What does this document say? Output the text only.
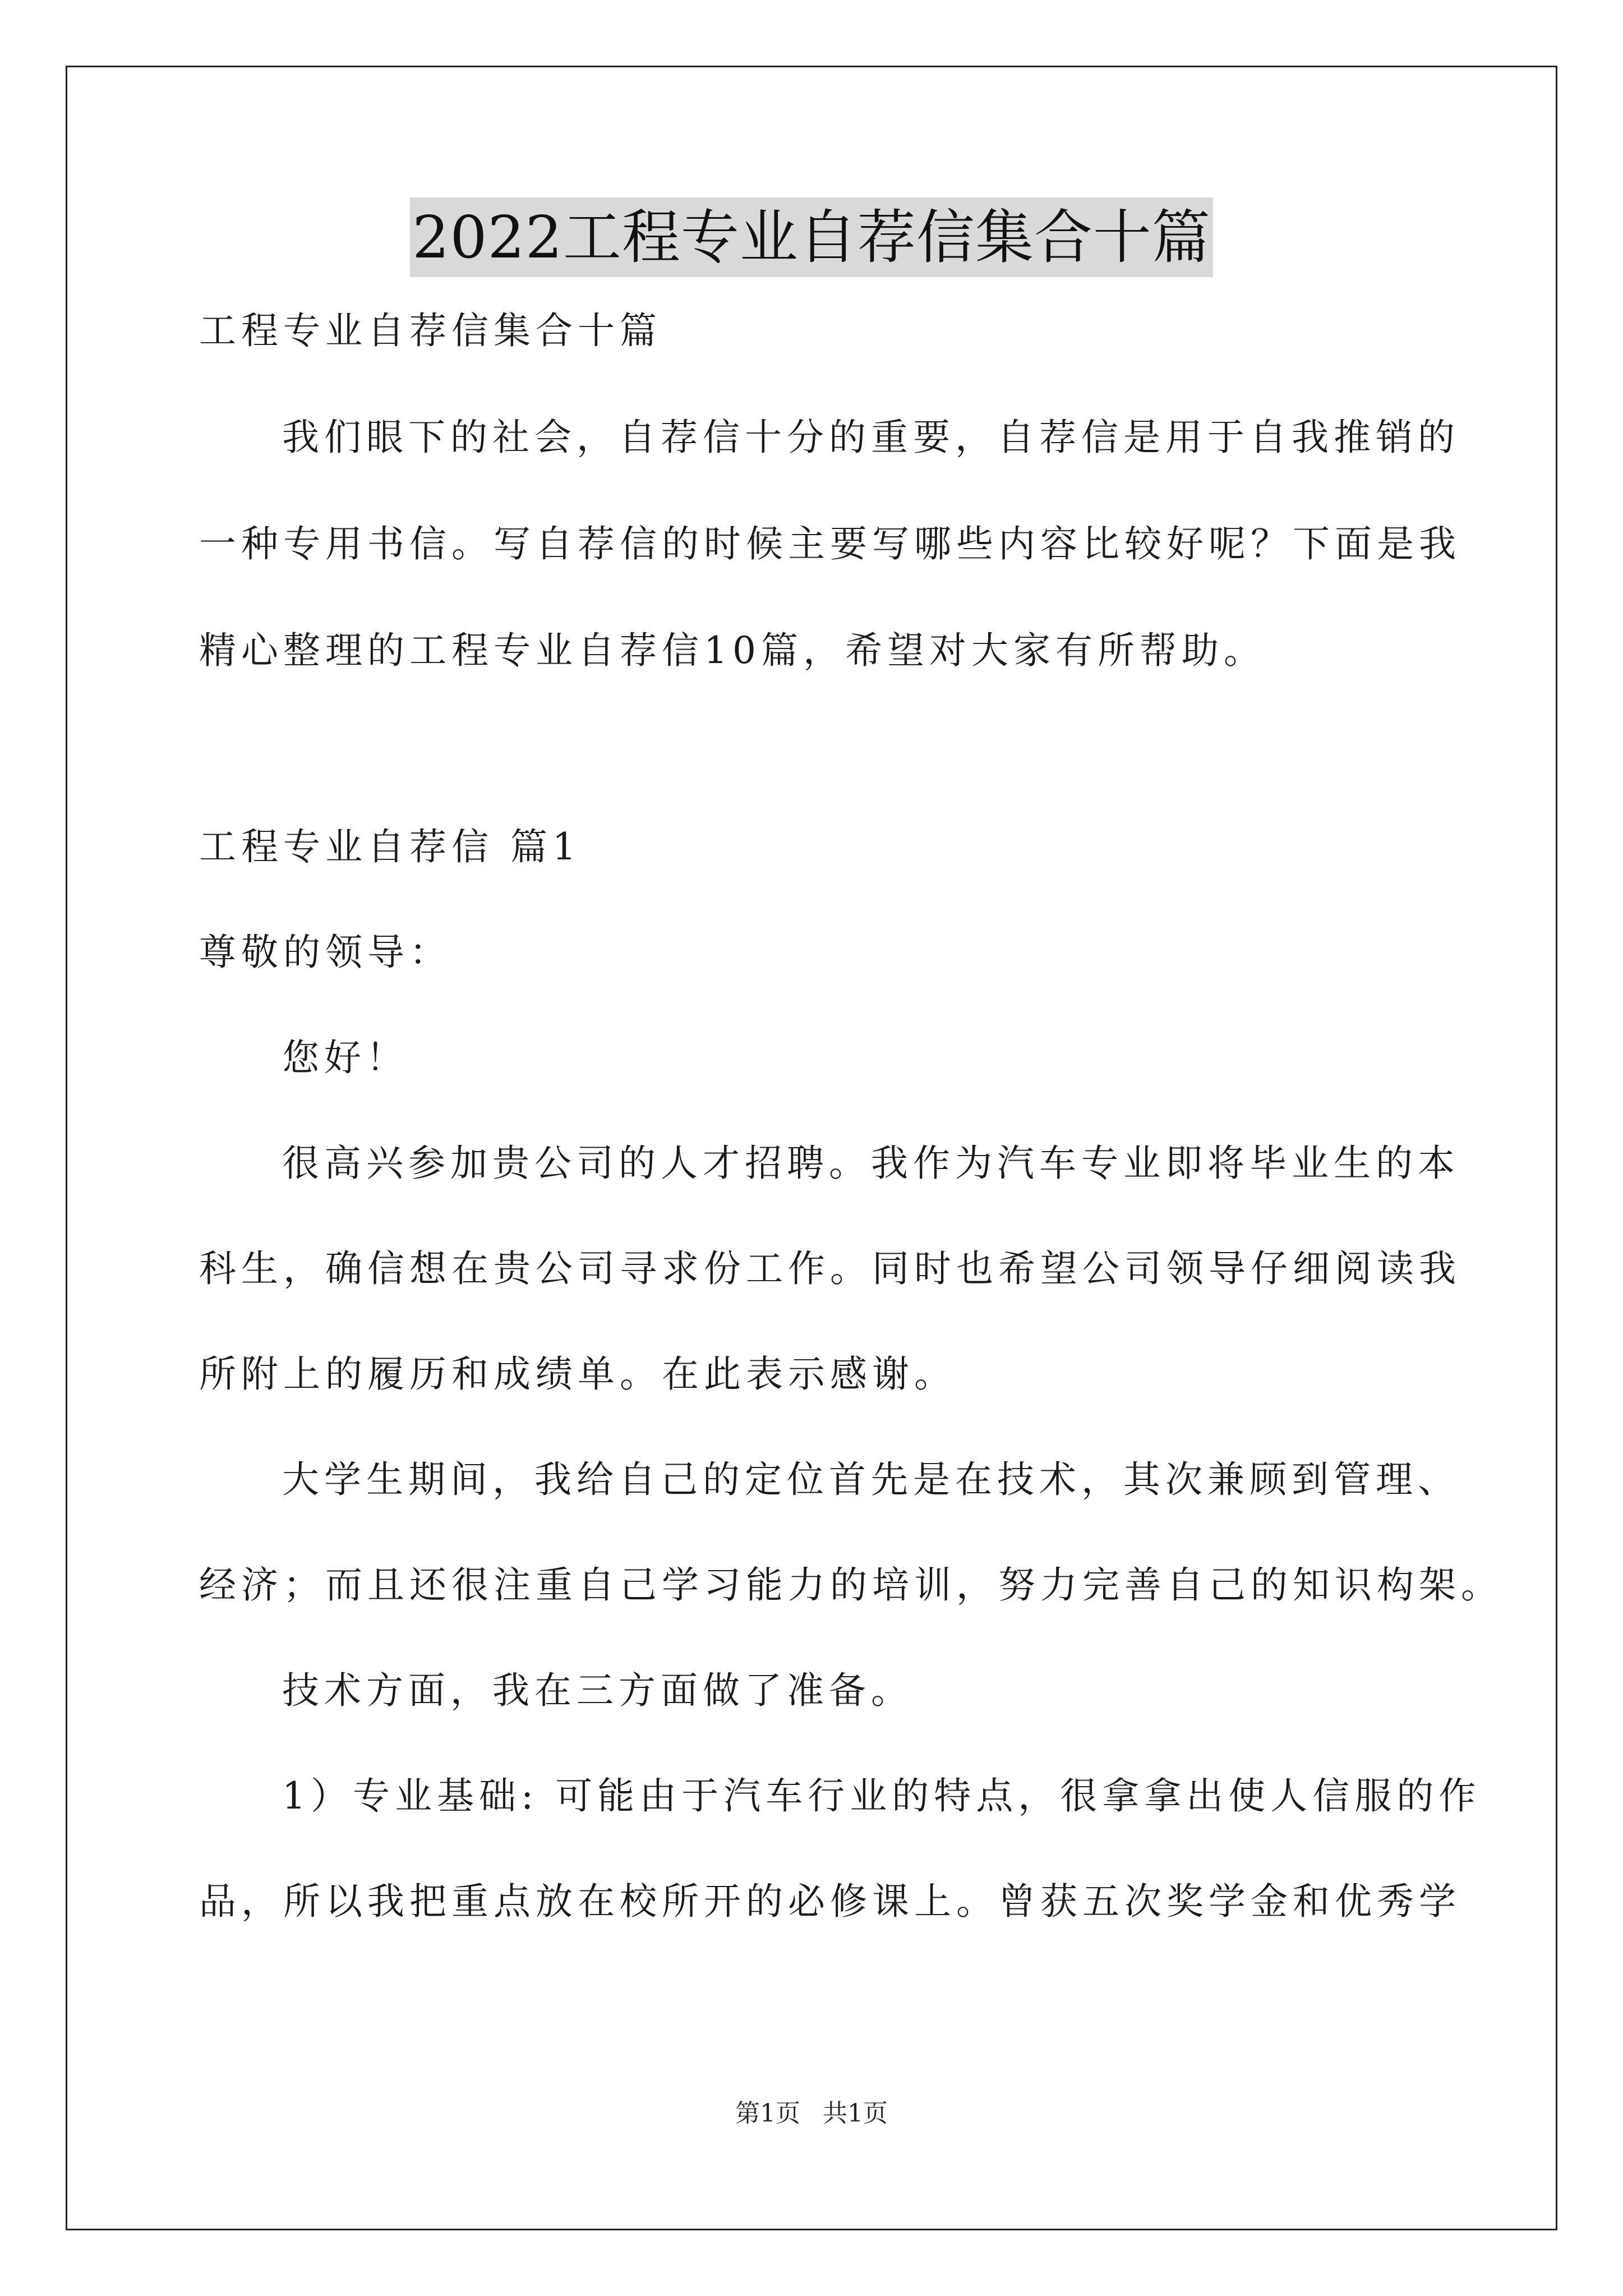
2022工程专业自荐信集合十篇
工程专业自荐信集合十篇
我们眼下的社会，自荐信十分的重要，自荐信是用于自我推销的
一种专用书信。写自荐信的时候主要写哪些内容比较好呢？下面是我
精心整理的工程专业自荐信10篇，希望对大家有所帮助。
工程专业自荐信 篇1
尊敬的领导：
您好！
很高兴参加贵公司的人才招聘。我作为汽车专业即将毕业生的本
科生，确信想在贵公司寻求份工作。同时也希望公司领导仔细阅读我
所附上的履历和成绩单。在此表示感谢。
大学生期间，我给自己的定位首先是在技术，其次兼顾到管理、
经济；而且还很注重自己学习能力的培训，努力完善自己的知识构架。
技术方面，我在三方面做了准备。
1）专业基础: 可能由于汽车行业的特点，很拿拿出使人信服的作
品，所以我把重点放在校所开的必修课上。曾获五次奖学金和优秀学
第1页 共1页
